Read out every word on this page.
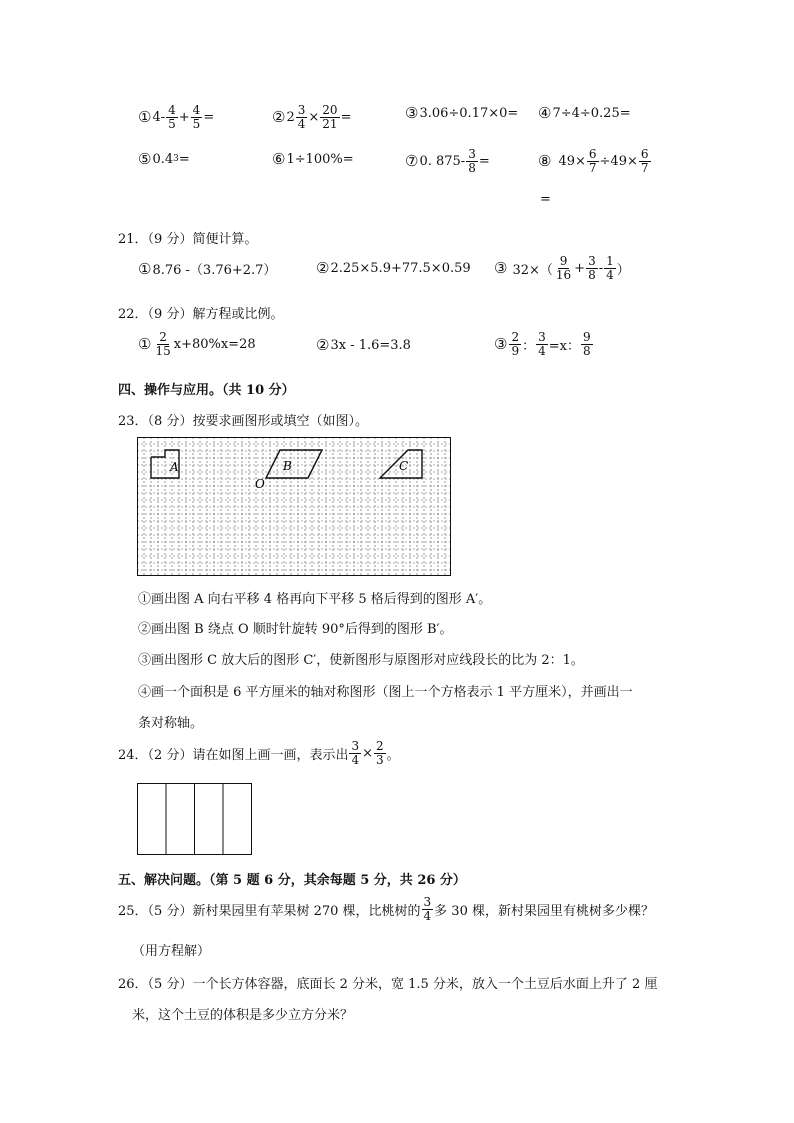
① $4- \frac{4}{5} + \frac{4}{5}$ =	② $2 \frac{3}{4} \times \frac{20}{21}$ =	③ 3.06÷0.17×0= ④ 7÷4÷0.25=
⑤ 0.4 3 =	⑥ 1÷100%=	⑦ 0. $875- \frac{3}{8}$ =	⑧ $49\times \frac{6}{7} \div 49\times \frac{6}{7}$
=
21．（9 分）简便计算。
① 8.76 -（3.76+2.7）	② 2.25×5.9+77.5×0.59 ③ $32\times( \frac{9}{16} + \frac{3}{8} - \frac{1}{4}$ ）
22．（9 分）解方程或比例。
① $\frac{2}{15} x+80\%x=28$	② 3x - 1.6=3.8	③ $\frac{2}{9}$ ： $\frac{3}{4} =x$： $\frac{9}{8}$
四、操作与应用。（共 10 分）
23．（8 分）按要求画图形或填空（如图）。
A	B
O
C
①画出图 A 向右平移 4 格再向下平移 5 格后得到的图形 A′。
②画出图 B 绕点 O 顺时针旋转 90°后得到的图形 B′。
③画出图形 C 放大后的图形 C′，使新图形与原图形对应线段长的比为 2：1。
④画一个面积是 6 平方厘米的轴对称图形（图上一个方格表示 1 平方厘米），并画出一
条对称轴。
24．（2 分）请在如图上画一画，表示出 $\frac{3}{4} \times \frac{2}{3}$ 。
五、解决问题。（第 5 题 6 分，其余每题 5 分，共 26 分）
25．（5 分）新村果园里有苹果树 270 棵，比桃树的 $\frac{3}{4}$ 多 30 棵，新村果园里有桃树多少棵？
（用方程解）
26．（5 分）一个长方体容器，底面长 2 分米，宽 1.5 分米，放入一个土豆后水面上升了 2 厘
米，这个土豆的体积是多少立方分米？
